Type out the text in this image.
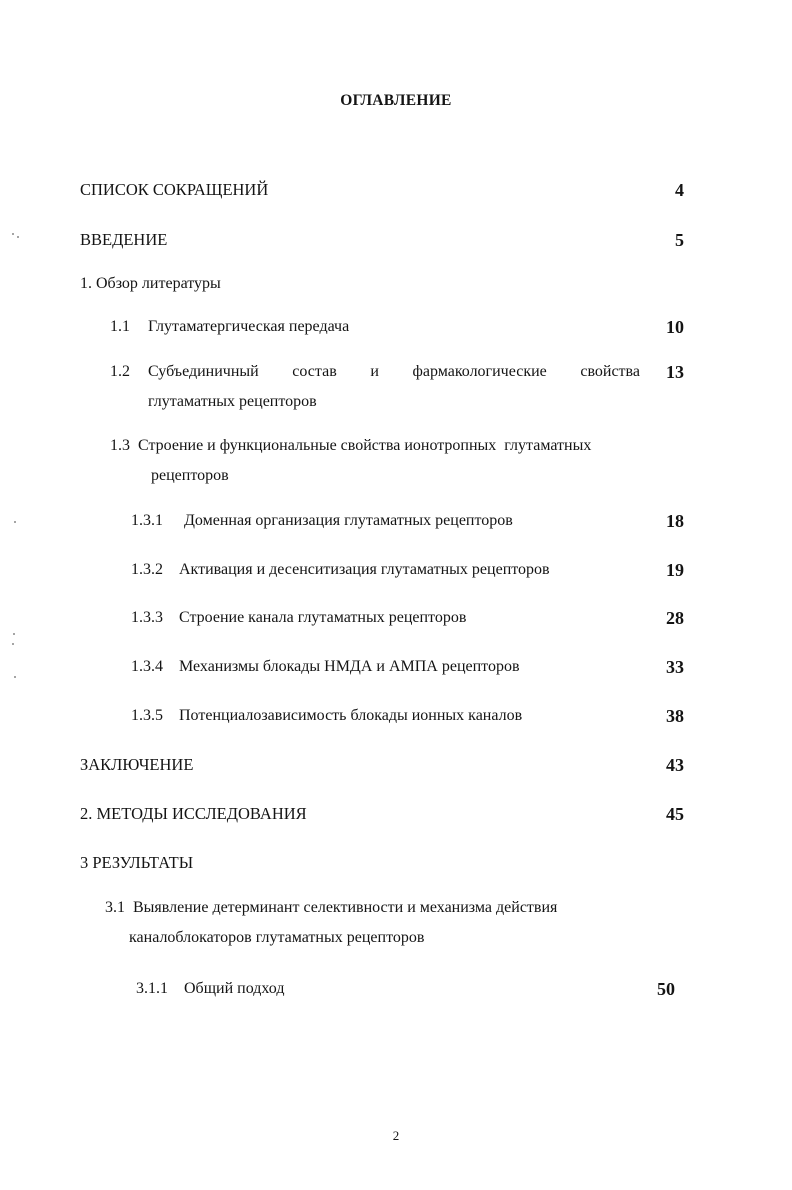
ОГЛАВЛЕНИЕ
СПИСОК СОКРАЩЕНИЙ	4
ВВЕДЕНИЕ	5
1. Обзор литературы
1.1 Глутаматергическая передача	10
1.2 Субъединичный состав и фармакологические свойства 13
глутаматных рецепторов
1.3  Строение и функциональные свойства ионотропных  глутаматных
рецепторов
1.3.1 Доменная организация глутаматных рецепторов	18
1.3.2 Активация и десенситизация глутаматных рецепторов	19
1.3.3 Строение канала глутаматных рецепторов	28
1.3.4 Механизмы блокады НМДА и АМПА рецепторов	33
1.3.5 Потенциалозависимость блокады ионных каналов	38
ЗАКЛЮЧЕНИЕ	43
2. МЕТОДЫ ИССЛЕДОВАНИЯ	45
3 РЕЗУЛЬТАТЫ
3.1  Выявление детерминант селективности и механизма действия
каналоблокаторов глутаматных рецепторов
3.1.1 Общий подход	50
2
